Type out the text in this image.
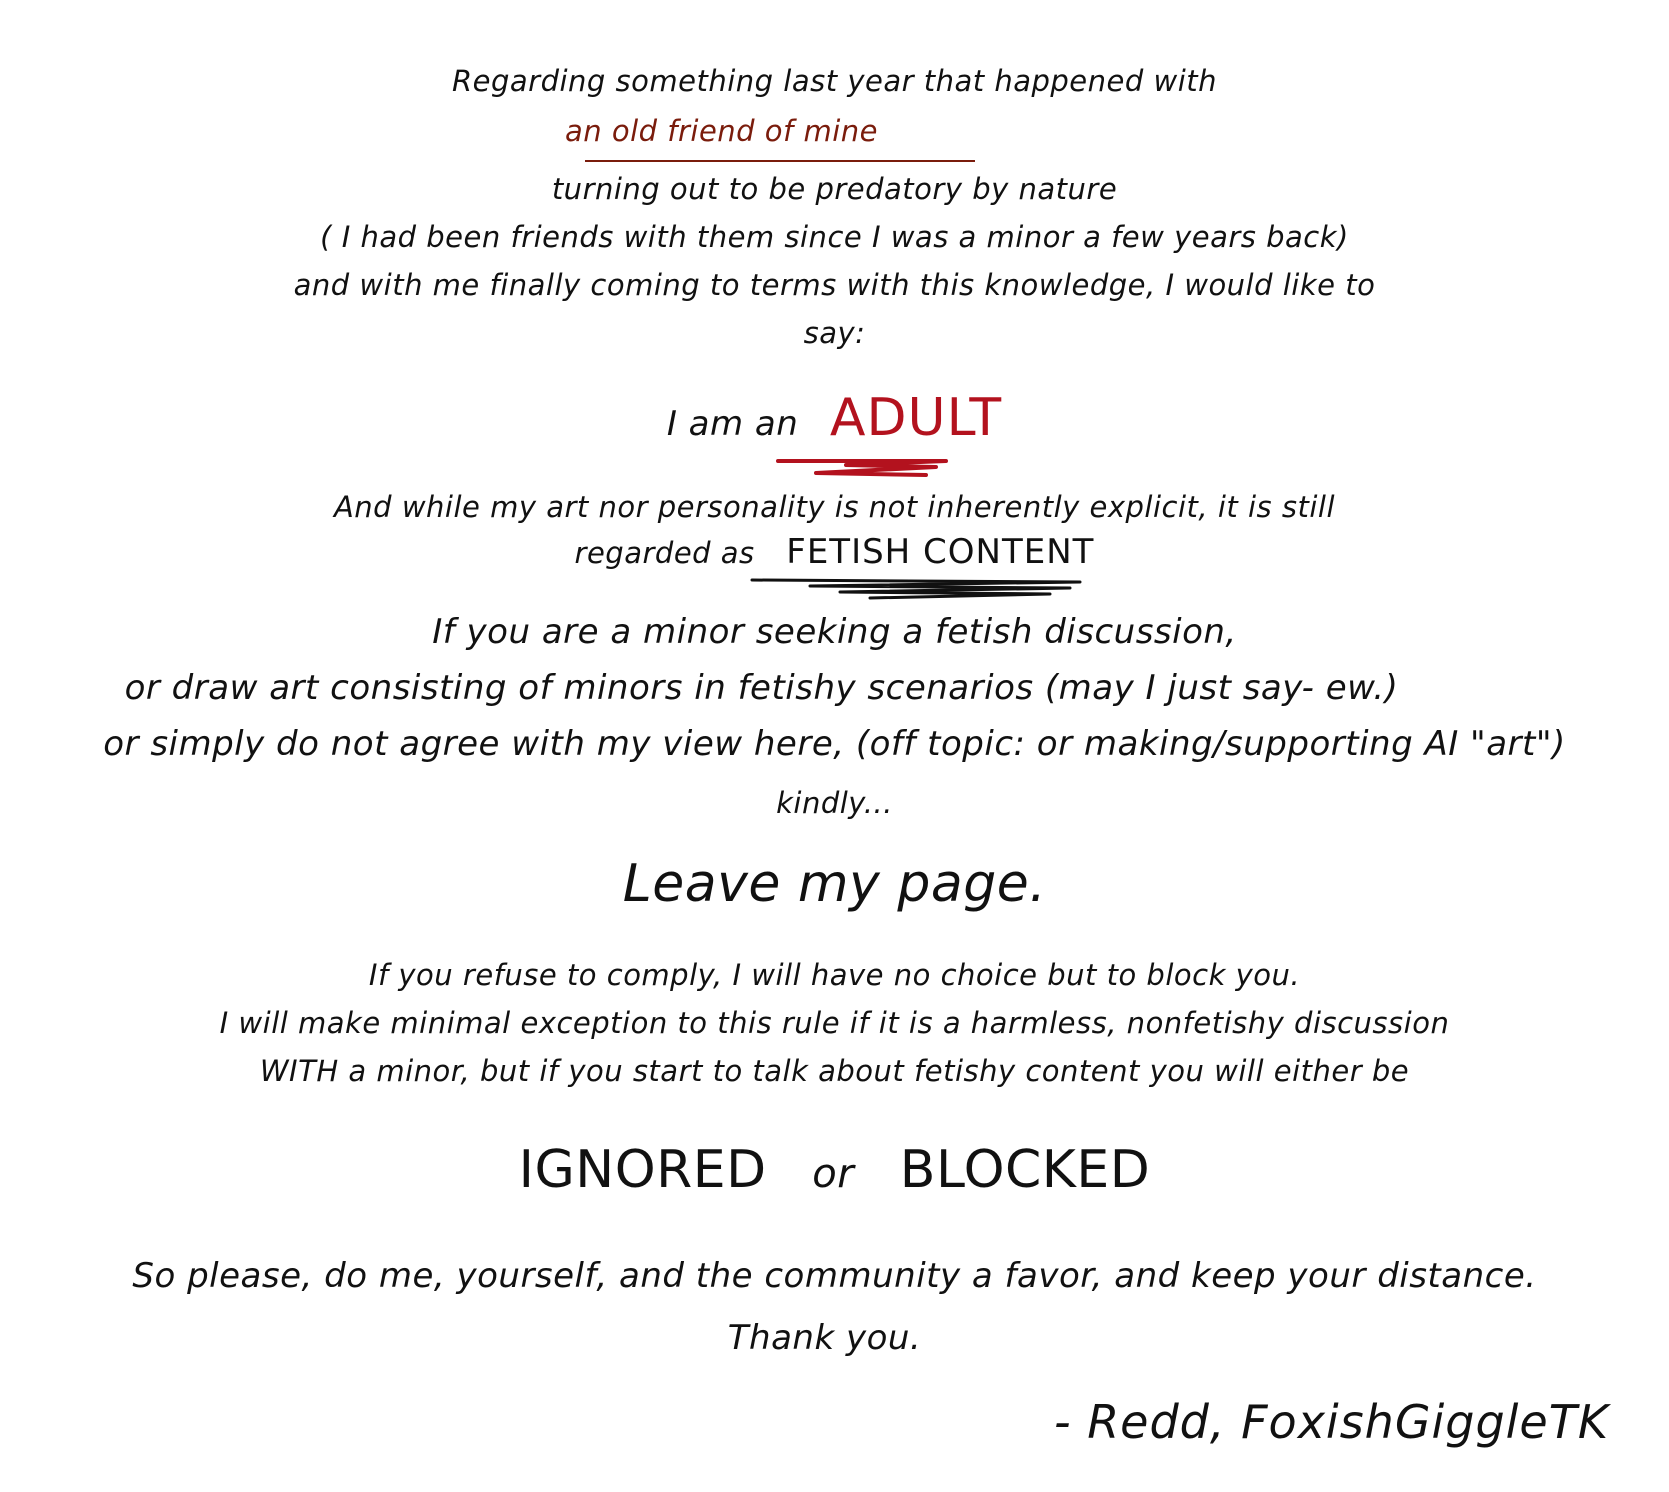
Regarding something last year that happened with
an old friend of mine
turning out to be predatory by nature
( I had been friends with them since I was a minor a few years back)
and with me finally coming to terms with this knowledge, I would like to
say:
I am an ADULT
And while my art nor personality is not inherently explicit, it is still
regarded as FETISH CONTENT
If you are a minor seeking a fetish discussion,
or draw art consisting of minors in fetishy scenarios (may I just say- ew.)
or simply do not agree with my view here, (off topic: or making/supporting AI "art")
kindly...
Leave my page.
If you refuse to comply, I will have no choice but to block you.
I will make minimal exception to this rule if it is a harmless, nonfetishy discussion
WITH a minor, but if you start to talk about fetishy content you will either be
IGNORED or BLOCKED
So please, do me, yourself, and the community a favor, and keep your distance.
Thank you.
- Redd, FoxishGiggleTK
